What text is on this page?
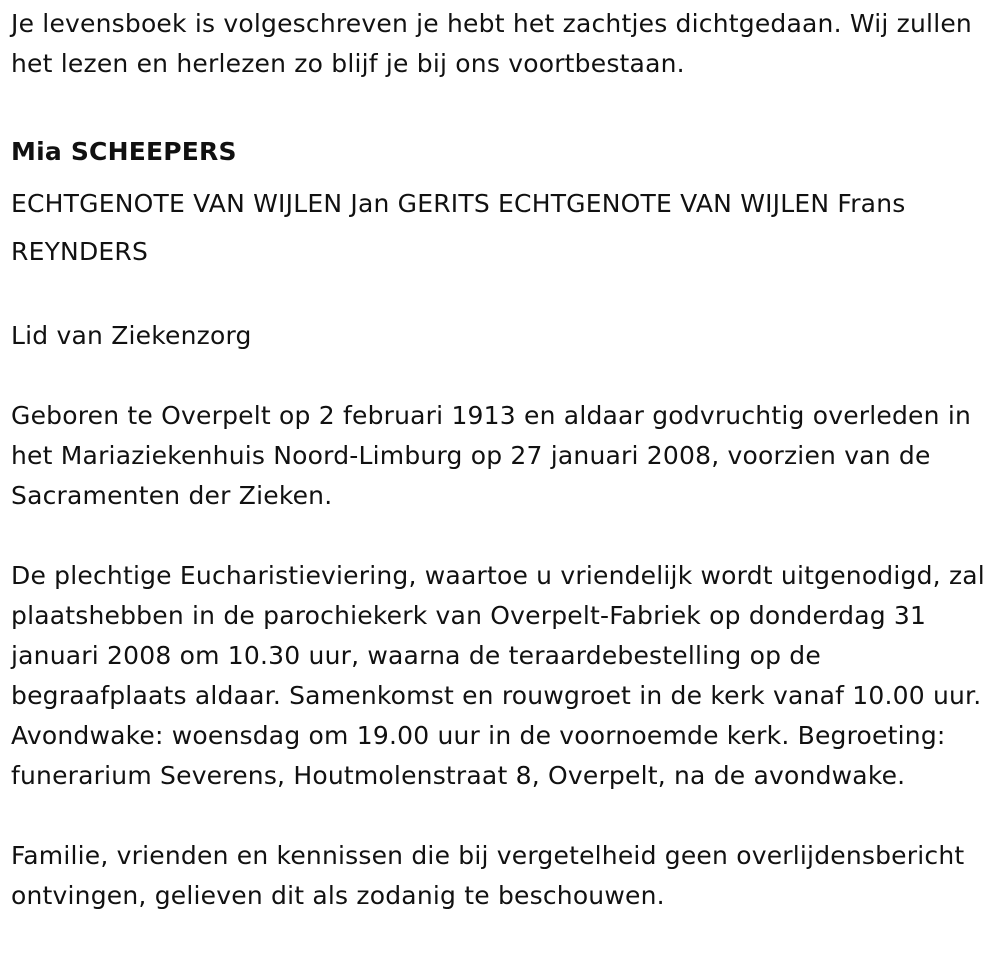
Je levensboek is volgeschreven je hebt het zachtjes dichtgedaan. Wij zullen het lezen en herlezen zo blijf je bij ons voortbestaan.

Mia SCHEEPERS

ECHTGENOTE VAN WIJLEN Jan GERITS ECHTGENOTE VAN WIJLEN Frans REYNDERS

Lid van Ziekenzorg

Geboren te Overpelt op 2 februari 1913 en aldaar godvruchtig overleden in het Mariaziekenhuis Noord-Limburg op 27 januari 2008, voorzien van de Sacramenten der Zieken.

De plechtige Eucharistieviering, waartoe u vriendelijk wordt uitgenodigd, zal plaatshebben in de parochiekerk van Overpelt-Fabriek op donderdag 31 januari 2008 om 10.30 uur, waarna de teraardebestelling op de begraafplaats aldaar. Samenkomst en rouwgroet in de kerk vanaf 10.00 uur. Avondwake: woensdag om 19.00 uur in de voornoemde kerk. Begroeting: funerarium Severens, Houtmolenstraat 8, Overpelt, na de avondwake.

Familie, vrienden en kennissen die bij vergetelheid geen overlijdensbericht ontvingen, gelieven dit als zodanig te beschouwen.
